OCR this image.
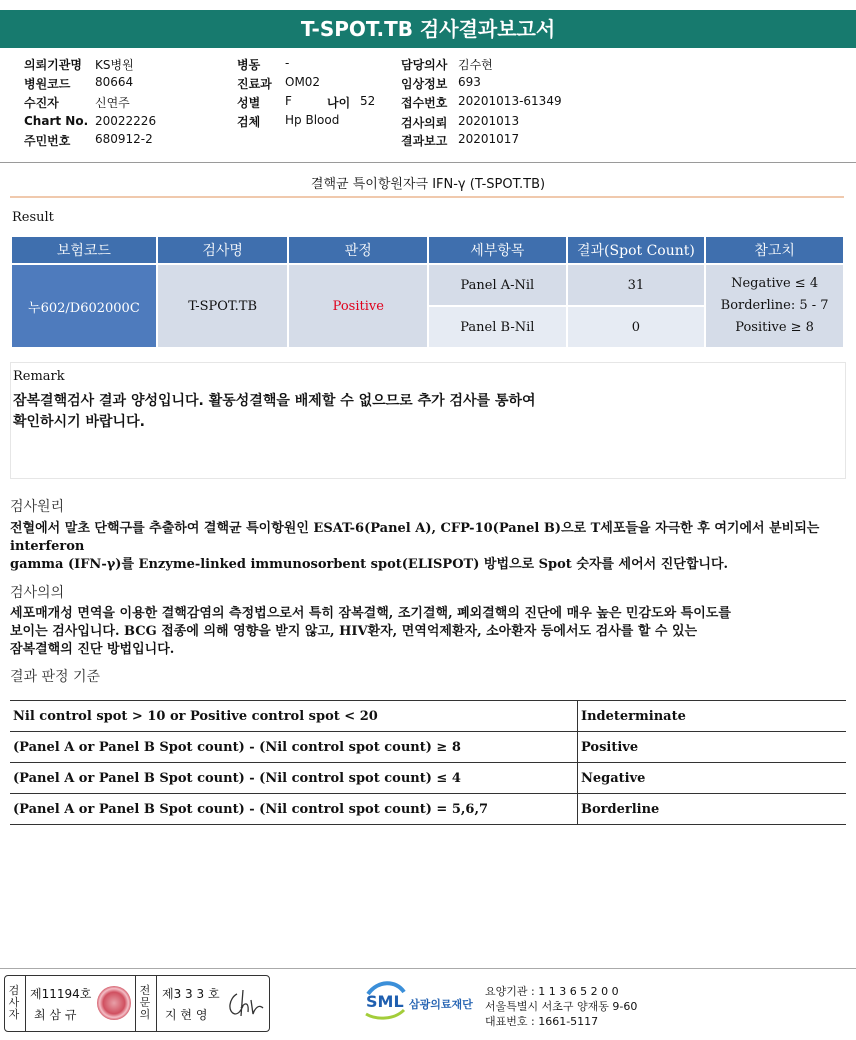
T-SPOT.TB 검사결과보고서
의뢰기관명 KS병원
병원코드 80664
수진자	신연주
Chart No. 20022226
주민번호 680912-2
병동 -
진료과 OM02
성별 F	나이 52
검체 Hp Blood
담당의사 김수현
임상정보 693
접수번호 20201013-61349
검사의뢰 20201013
결과보고 20201017
결핵균 특이항원자극 IFN-γ (T-SPOT.TB)
Result
보험코드	검사명	판정	세부항목	결과(Spot Count)	참고치
누602/D602000C	T-SPOT.TB	Positive	Panel A-Nil	31	Negative ≤ 4
Borderline: 5 - 7
Positive ≥ 8

			Panel B-Nil	0	
Remark
잠복결핵검사 결과 양성입니다. 활동성결핵을 배제할 수 없으므로 추가 검사를 통하여
확인하시기 바랍니다.
검사원리
전혈에서 말초 단핵구를 추출하여 결핵균 특이항원인 ESAT-6(Panel A), CFP-10(Panel B)으로 T세포들을 자극한 후 여기에서 분비되는
interferon
gamma (IFN-γ)를 Enzyme-linked immunosorbent spot(ELISPOT) 방법으로 Spot 숫자를 세어서 진단합니다.
검사의의
세포매개성 면역을 이용한 결핵감염의 측정법으로서 특히 잠복결핵, 조기결핵, 폐외결핵의 진단에 매우 높은 민감도와 특이도를
보이는 검사입니다. BCG 접종에 의해 영향을 받지 않고, HIV환자, 면역억제환자, 소아환자 등에서도 검사를 할 수 있는
잠복결핵의 진단 방법입니다.
결과 판정 기준
Nil control spot > 10 or Positive control spot < 20	Indeterminate
(Panel A or Panel B Spot count) - (Nil control spot count) ≥ 8	Positive
(Panel A or Panel B Spot count) - (Nil control spot count) ≤ 4	Negative
(Panel A or Panel B Spot count) - (Nil control spot count) = 5,6,7	Borderline
검사자
제11194호
최 삼 규
전문의
제3 3 3 호
지 현 영
SML 삼광의료재단
요양기관 : 1 1 3 6 5 2 0 0
서울특별시 서초구 양재동 9-60
대표번호 : 1661-5117
